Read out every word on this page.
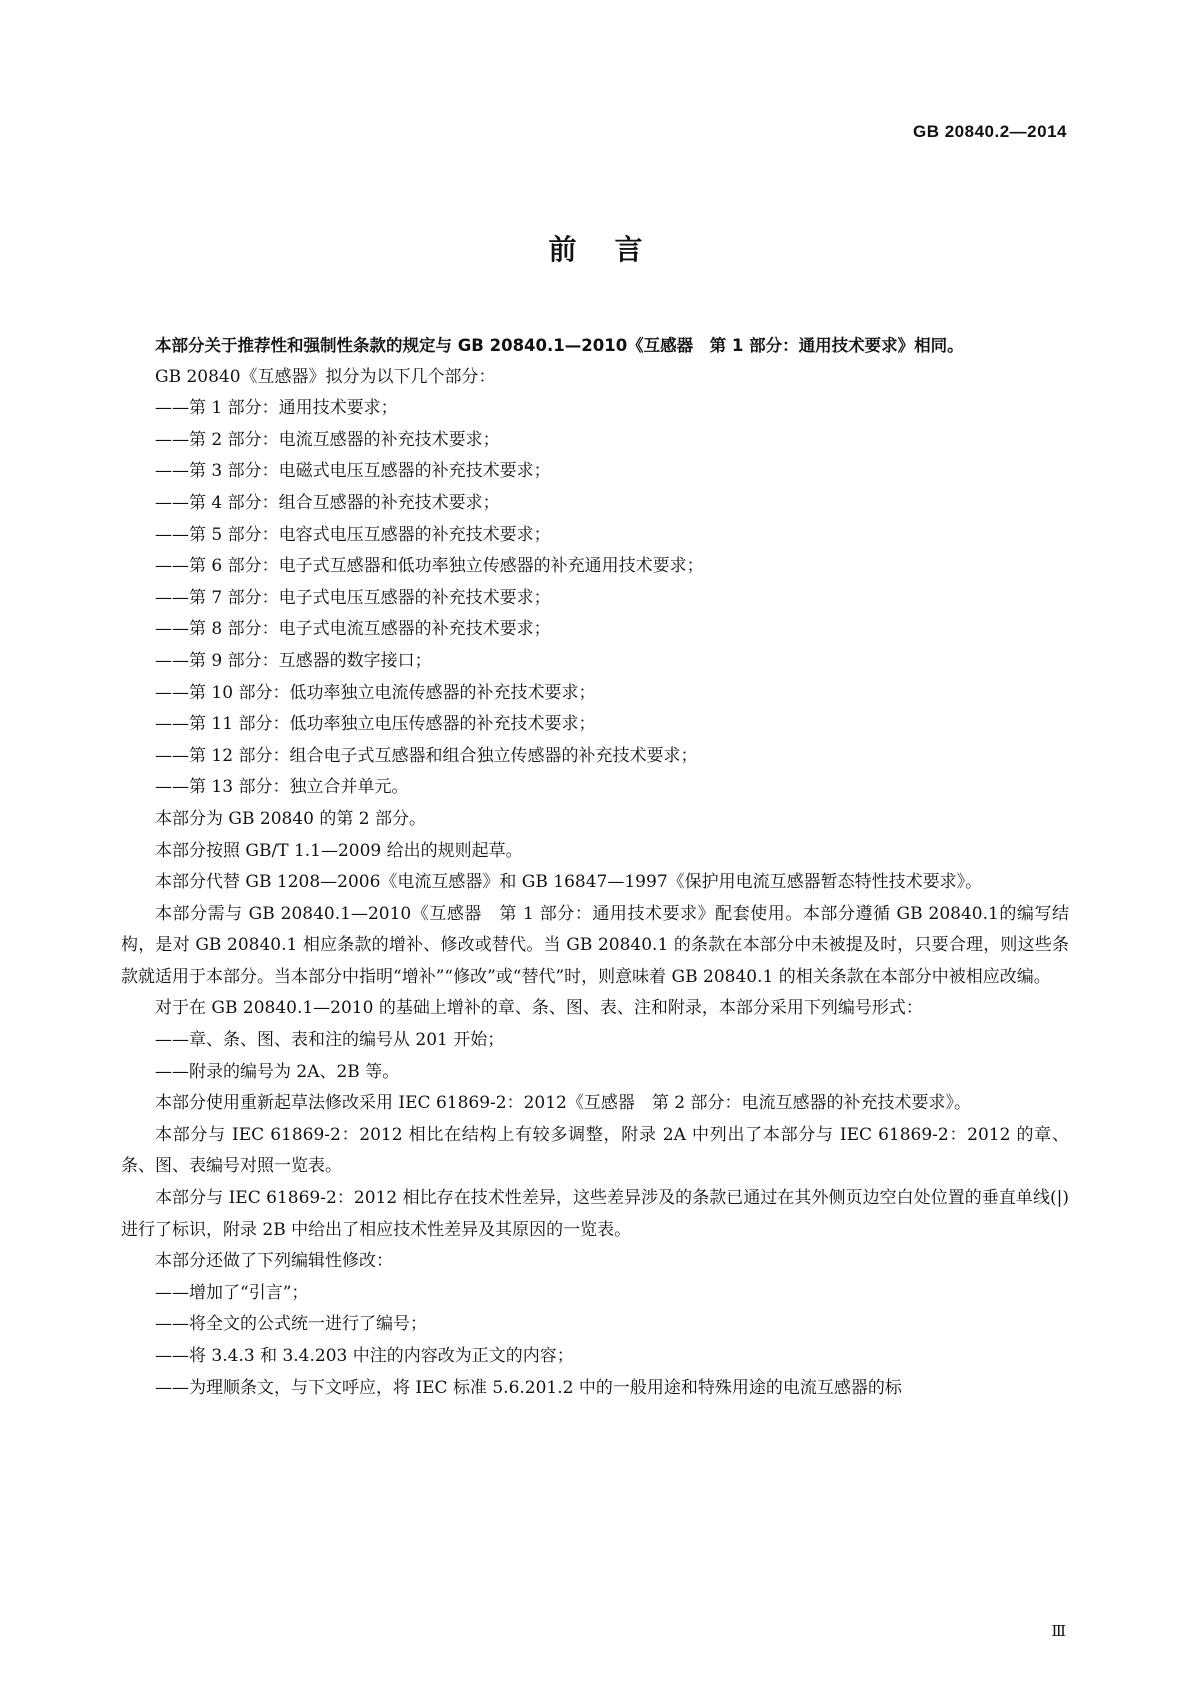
GB 20840.2—2014
前言

本部分关于推荐性和强制性条款的规定与 GB 20840.1—2010《互感器　第 1 部分：通用技术要求》相同。

GB 20840《互感器》拟分为以下几个部分：

——第 1 部分：通用技术要求；

——第 2 部分：电流互感器的补充技术要求；

——第 3 部分：电磁式电压互感器的补充技术要求；

——第 4 部分：组合互感器的补充技术要求；

——第 5 部分：电容式电压互感器的补充技术要求；

——第 6 部分：电子式互感器和低功率独立传感器的补充通用技术要求；

——第 7 部分：电子式电压互感器的补充技术要求；

——第 8 部分：电子式电流互感器的补充技术要求；

——第 9 部分：互感器的数字接口；

——第 10 部分：低功率独立电流传感器的补充技术要求；

——第 11 部分：低功率独立电压传感器的补充技术要求；

——第 12 部分：组合电子式互感器和组合独立传感器的补充技术要求；

——第 13 部分：独立合并单元。

本部分为 GB 20840 的第 2 部分。

本部分按照 GB/T 1.1—2009 给出的规则起草。

本部分代替 GB 1208—2006《电流互感器》和 GB 16847—1997《保护用电流互感器暂态特性技术要求》。

本部分需与 GB 20840.1—2010《互感器　第 1 部分：通用技术要求》配套使用。本部分遵循 GB 20840.1的编写结构，是对 GB 20840.1 相应条款的增补、修改或替代。当 GB 20840.1 的条款在本部分中未被提及时，只要合理，则这些条款就适用于本部分。当本部分中指明“增补”“修改”或“替代”时，则意味着 GB 20840.1 的相关条款在本部分中被相应改编。

对于在 GB 20840.1—2010 的基础上增补的章、条、图、表、注和附录，本部分采用下列编号形式：

——章、条、图、表和注的编号从 201 开始；

——附录的编号为 2A、2B 等。

本部分使用重新起草法修改采用 IEC 61869-2：2012《互感器　第 2 部分：电流互感器的补充技术要求》。

本部分与 IEC 61869-2：2012 相比在结构上有较多调整，附录 2A 中列出了本部分与 IEC 61869-2：2012 的章、条、图、表编号对照一览表。

本部分与 IEC 61869-2：2012 相比存在技术性差异，这些差异涉及的条款已通过在其外侧页边空白处位置的垂直单线(|)进行了标识，附录 2B 中给出了相应技术性差异及其原因的一览表。

本部分还做了下列编辑性修改：

——增加了“引言”；

——将全文的公式统一进行了编号；

——将 3.4.3 和 3.4.203 中注的内容改为正文的内容；

——为理顺条文，与下文呼应，将 IEC 标准 5.6.201.2 中的一般用途和特殊用途的电流互感器的标

Ⅲ
